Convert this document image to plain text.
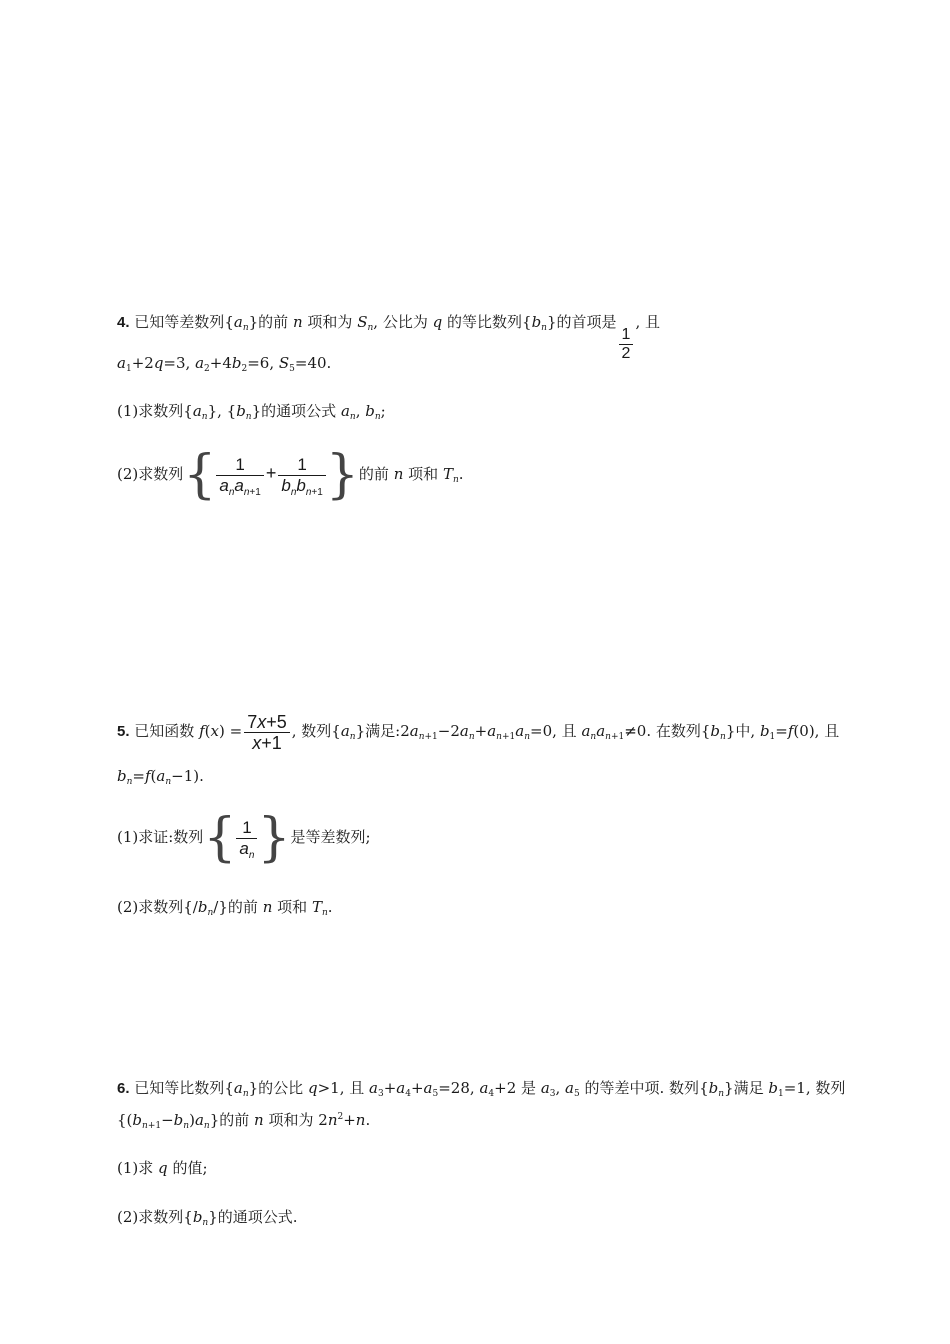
4. 已知等差数列$\{a_n\}$的前 n 项和为 $S_n$, 公比为 q 的等比数列$\{b_n\}$的首项是
$\frac{1}{2}$
, 且
$a_1+2q=3$, $a_2+4b_2=6$, $S_5=40$.
(1)求数列$\{a_n\}$, $\{b_n\}$的通项公式 $a_n$, $b_n$;
(2)求数列{ $\frac{1}{a_na_{n+1}} + \frac{1}{b_nb_{n+1}}$ }的前 n 项和 $T_n$.
5. 已知函数 $f(x) = \frac{7x+5}{x+1}$ , 数列$\{a_n\}$满足$:2a_{n+1}-2a_n+a_{n+1}a_n=0$, 且 $a_na_{n+1}\ne 0$. 在数列$\{b_n\}$中, $b_1=f(0)$, 且
$b_n=f(a_n-1)$.
(1)求证:数列{ $\frac{1}{a_n}$ }是等差数列;
(2)求数列$\{/b_n/\}$的前 n 项和 $T_n$.
6. 已知等比数列$\{a_n\}$的公比 q>1, 且 $a_3+a_4+a_5=28$, $a_4+2$ 是 $a_3$, $a_5$ 的等差中项. 数列$\{b_n\}$满足 $b_1=1$, 数列
$\{(b_{n+1}-b_n)a_n\}$的前 n 项和为 $2n^2+n$.
(1)求 q 的值;
(2)求数列$\{b_n\}$的通项公式.
